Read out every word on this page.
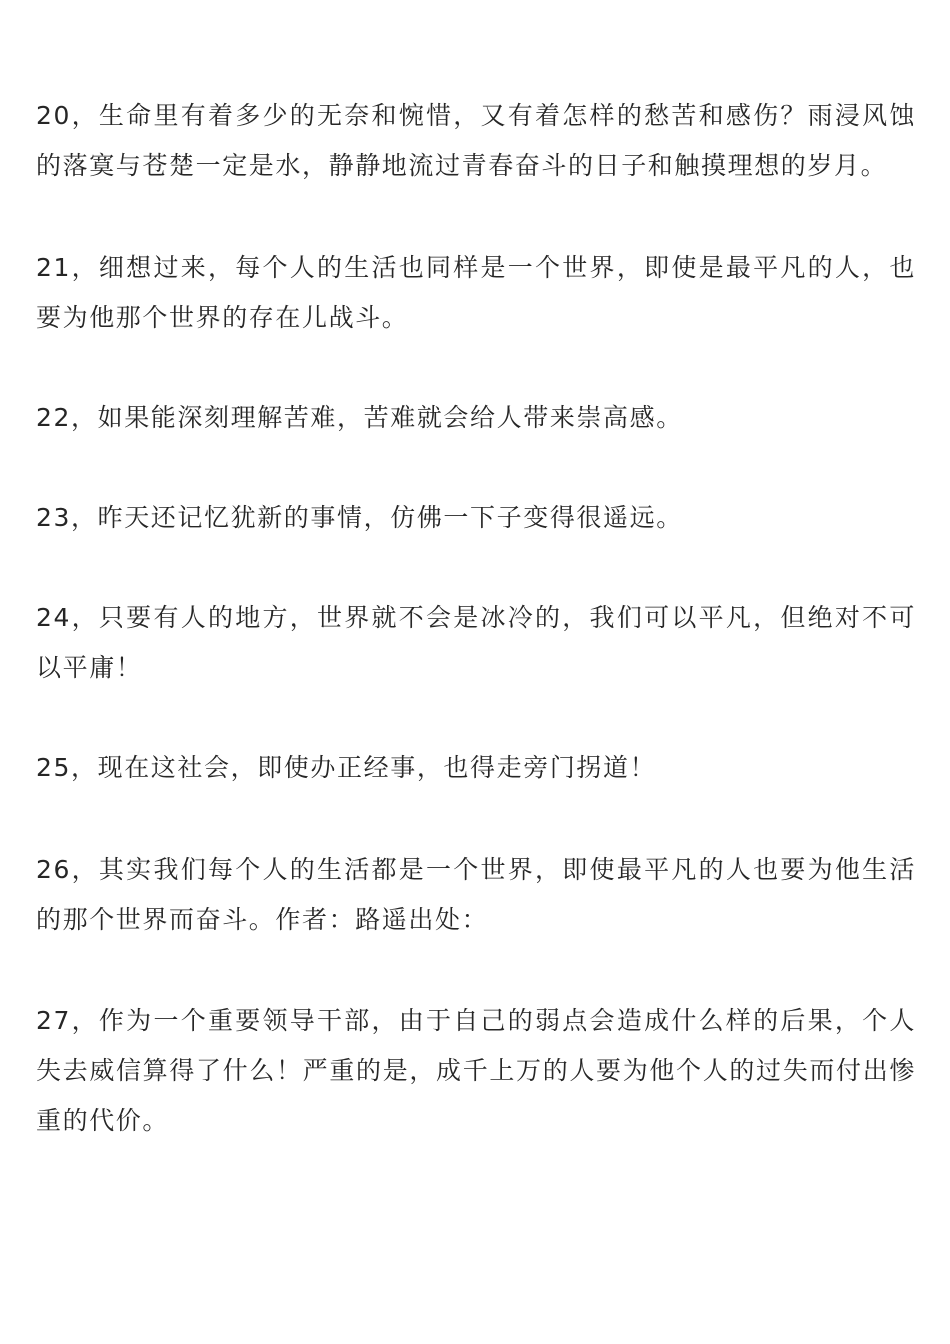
20，生命里有着多少的无奈和惋惜，又有着怎样的愁苦和感伤？雨浸风蚀的落寞与苍楚一定是水，静静地流过青春奋斗的日子和触摸理想的岁月。

21，细想过来，每个人的生活也同样是一个世界，即使是最平凡的人，也要为他那个世界的存在儿战斗。

22，如果能深刻理解苦难，苦难就会给人带来崇高感。

23，昨天还记忆犹新的事情，仿佛一下子变得很遥远。

24，只要有人的地方，世界就不会是冰冷的，我们可以平凡，但绝对不可以平庸！

25，现在这社会，即使办正经事，也得走旁门拐道！

26，其实我们每个人的生活都是一个世界，即使最平凡的人也要为他生活的那个世界而奋斗。作者：路遥出处：

27，作为一个重要领导干部，由于自己的弱点会造成什么样的后果，个人失去威信算得了什么！严重的是，成千上万的人要为他个人的过失而付出惨重的代价。
